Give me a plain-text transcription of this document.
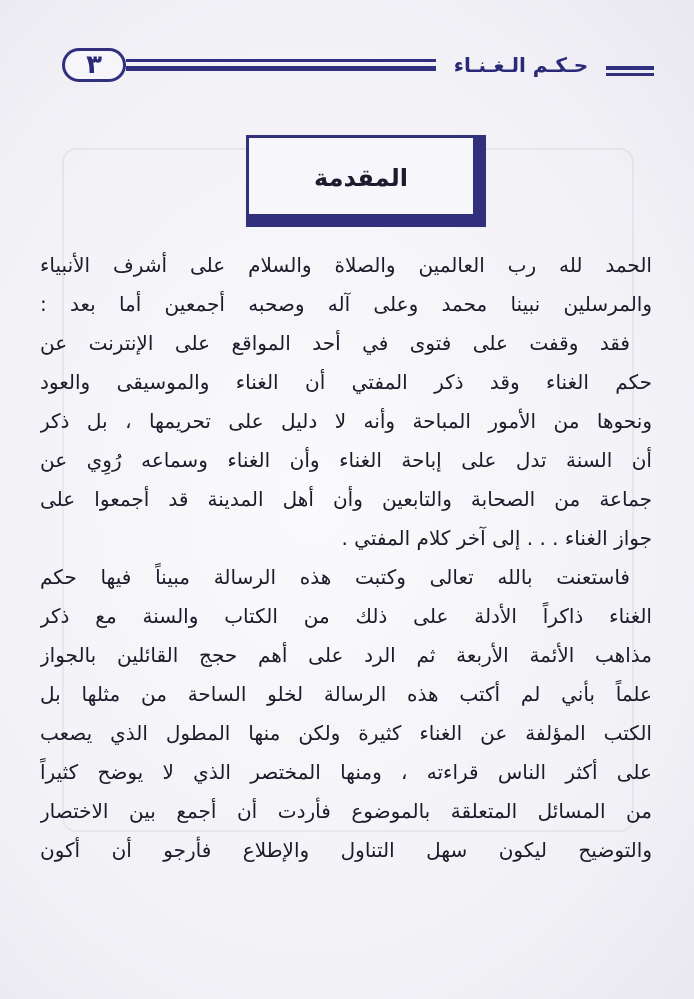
٣	حـكـم الـغـنـاء
المقدمة
الحمد لله رب العالمين والصلاة والسلام على أشرف الأنبياء
والمرسلين نبينا محمد وعلى آله وصحبه أجمعين أما بعد :
فقد وقفت على فتوى في أحد المواقع على الإنترنت عن
حكم الغناء وقد ذكر المفتي أن الغناء والموسيقى والعود
ونحوها من الأمور المباحة وأنه لا دليل على تحريمها ، بل ذكر
أن السنة تدل على إباحة الغناء وأن الغناء وسماعه رُوِي عن
جماعة من الصحابة والتابعين وأن أهل المدينة قد أجمعوا على
جواز الغناء . . . إلى آخر كلام المفتي .
فاستعنت بالله تعالى وكتبت هذه الرسالة مبيناً فيها حكم
الغناء ذاكراً الأدلة على ذلك من الكتاب والسنة مع ذكر
مذاهب الأئمة الأربعة ثم الرد على أهم حجج القائلين بالجواز
علماً بأني لم أكتب هذه الرسالة لخلو الساحة من مثلها بل
الكتب المؤلفة عن الغناء كثيرة ولكن منها المطول الذي يصعب
على أكثر الناس قراءته ، ومنها المختصر الذي لا يوضح كثيراً
من المسائل المتعلقة بالموضوع فأردت أن أجمع بين الاختصار
والتوضيح ليكون سهل التناول والإطلاع فأرجو أن أكون
